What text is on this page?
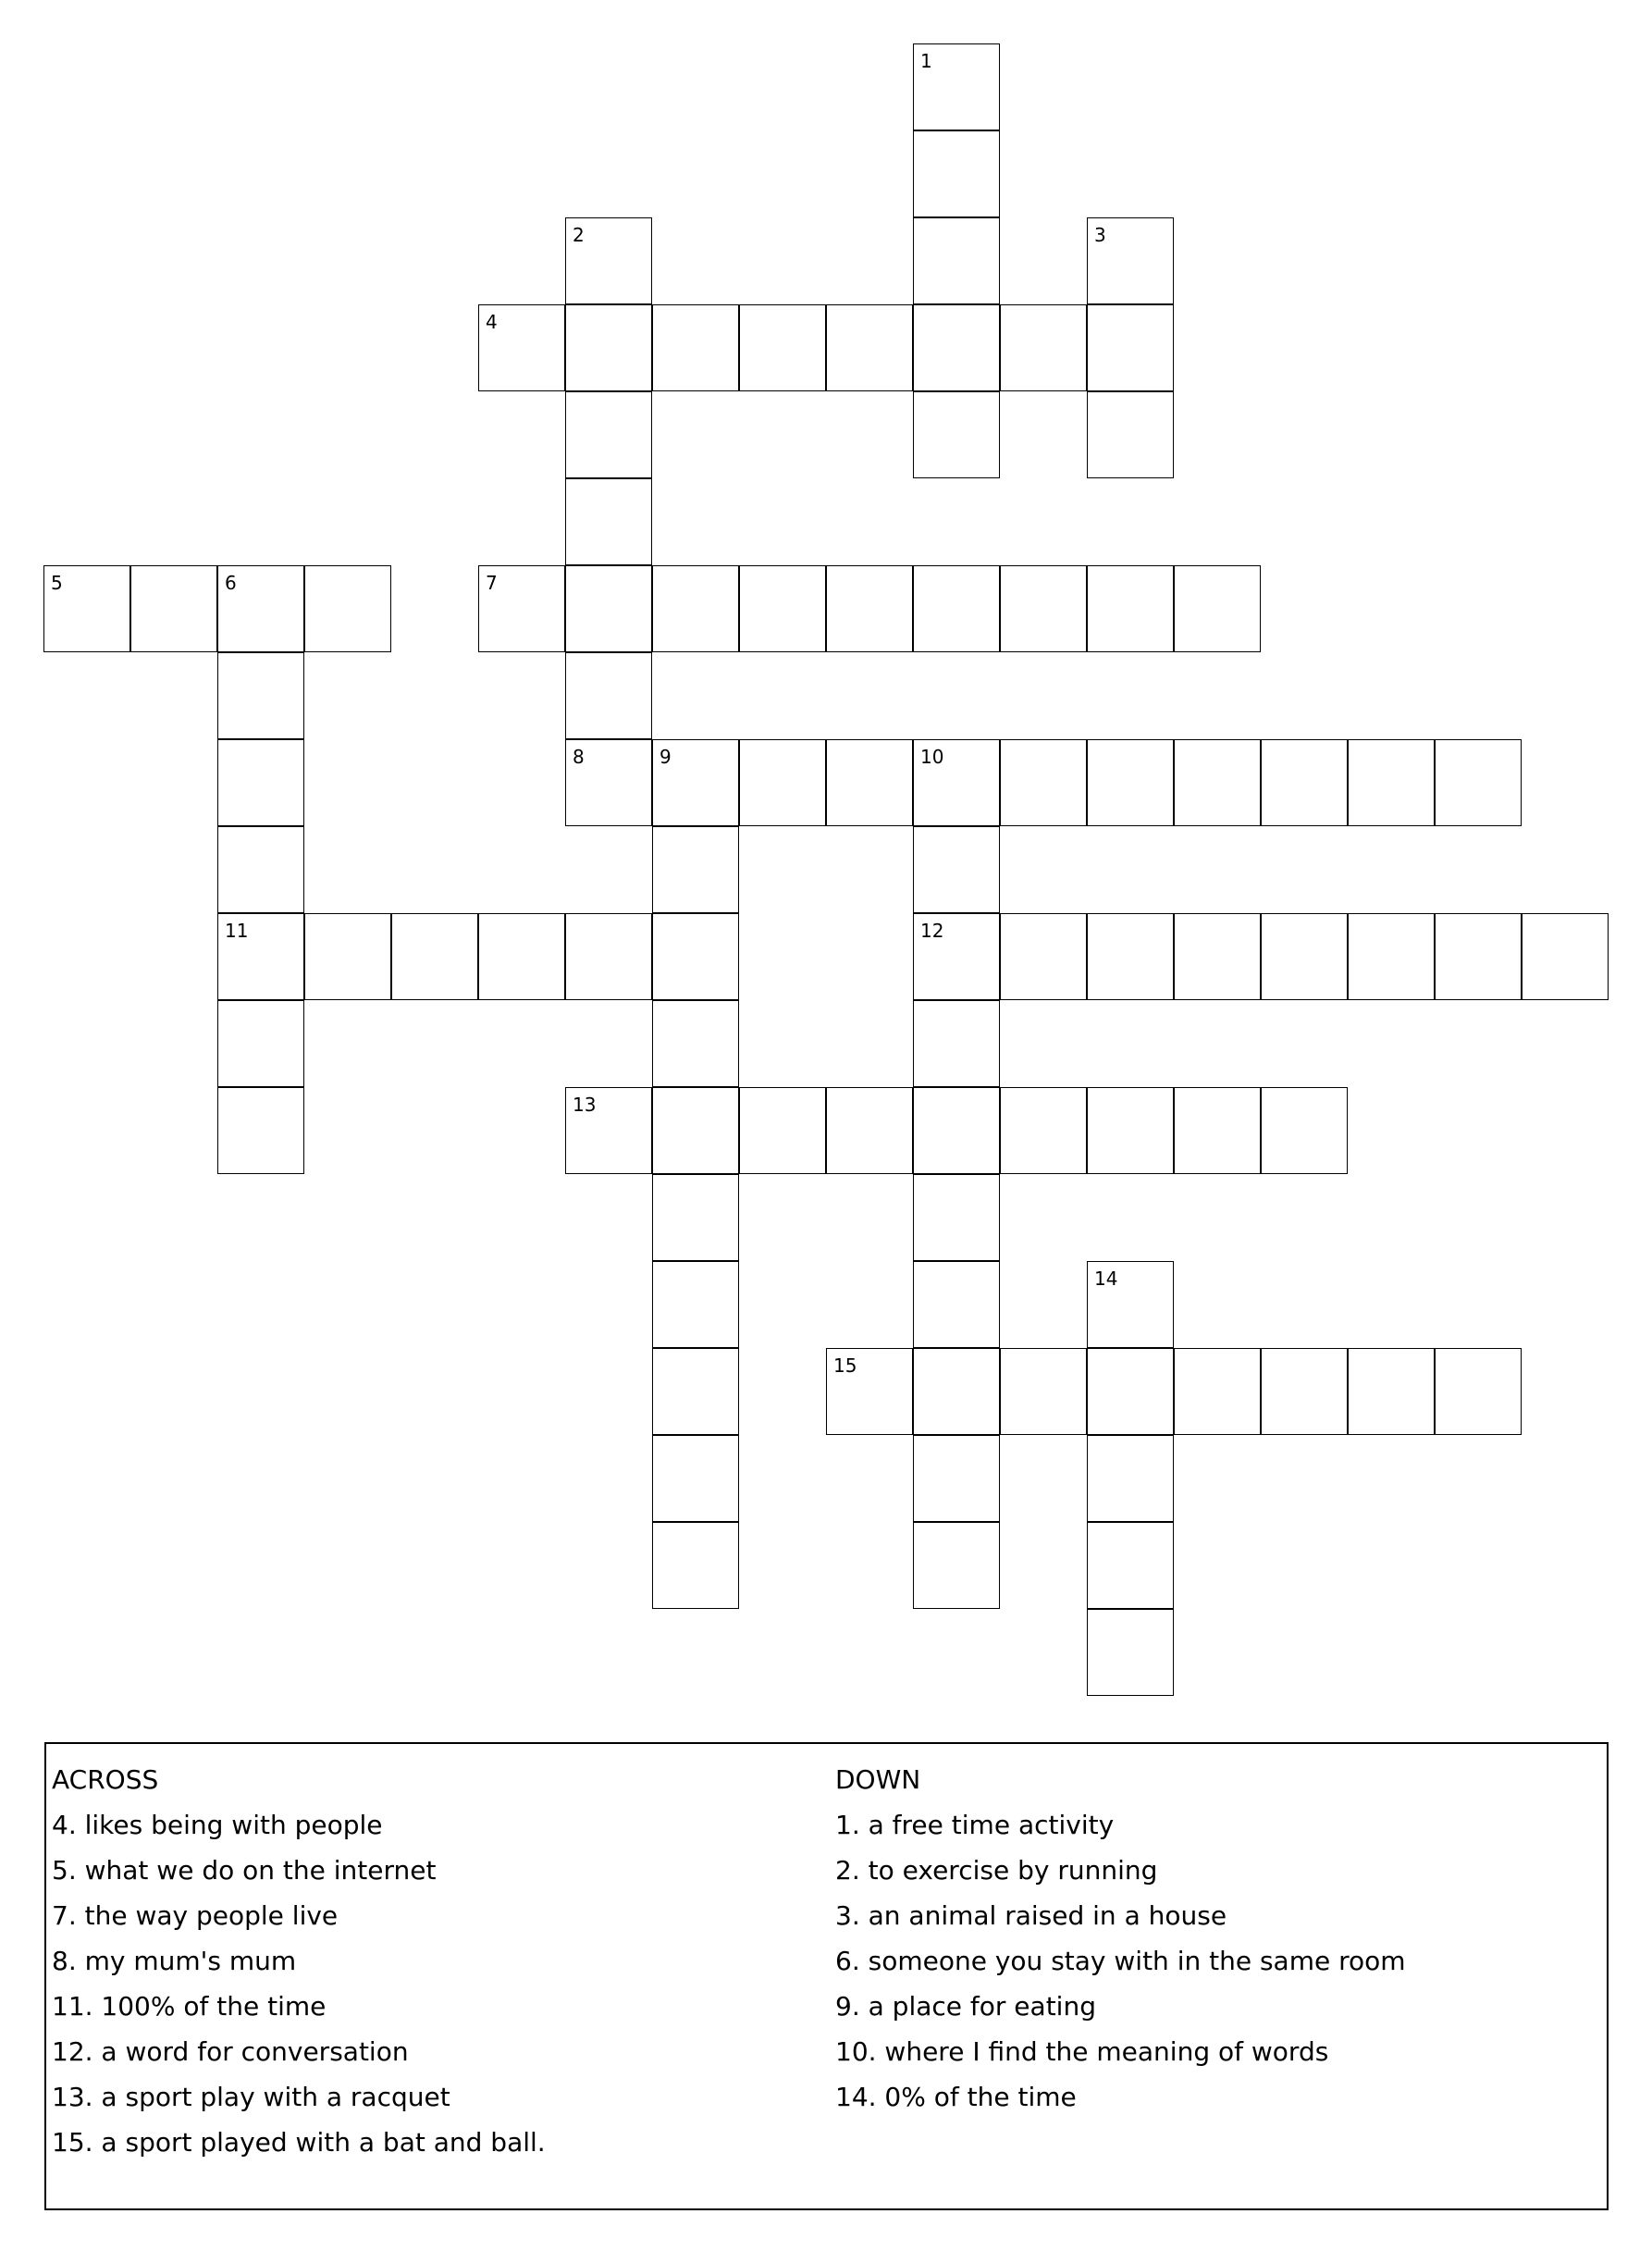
1
2	3
4
5	6
11
7
8	9	10
12
13
14
15
ACROSS
4. likes being with people
5. what we do on the internet
7. the way people live
8. my mum's mum
11. 100% of the time
12. a word for conversation
13. a sport play with a racquet
15. a sport played with a bat and ball.
DOWN
1. a free time activity
2. to exercise by running
3. an animal raised in a house
6. someone you stay with in the same room
9. a place for eating
10. where I find the meaning of words
14. 0% of the time
